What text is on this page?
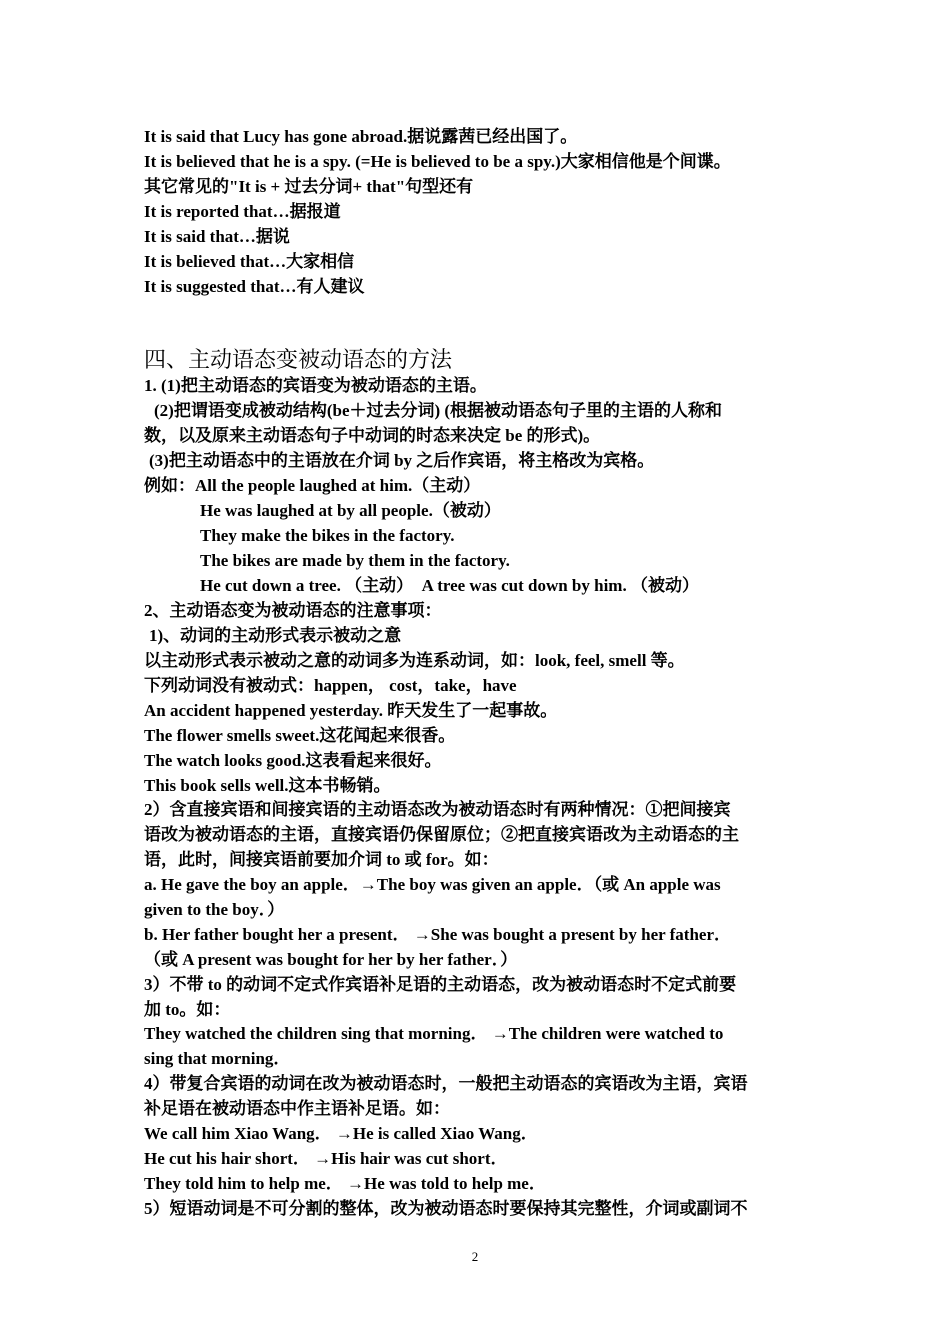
It is said that Lucy has gone abroad.据说露茜已经出国了。
It is believed that he is a spy. (=He is believed to be a spy.)大家相信他是个间谍。
其它常见的"It is + 过去分词+ that"句型还有
It is reported that…据报道
It is said that…据说
It is believed that…大家相信
It is suggested that…有人建议
四、主动语态变被动语态的方法
1. (1)把主动语态的宾语变为被动语态的主语。
(2)把谓语变成被动结构(be＋过去分词) (根据被动语态句子里的主语的人称和
数，以及原来主动语态句子中动词的时态来决定 be 的形式)。
(3)把主动语态中的主语放在介词 by 之后作宾语，将主格改为宾格。
例如：All the people laughed at him.（主动）
He was laughed at by all people.（被动）
They make the bikes in the factory.
The bikes are made by them in the factory.
He cut down a tree. （主动）　A tree was cut down by him. （被动）
2、主动语态变为被动语态的注意事项：
1)、动词的主动形式表示被动之意
以主动形式表示被动之意的动词多为连系动词，如：look, feel, smell 等。
下列动词没有被动式：happen， cost，take，have
An accident happened yesterday. 昨天发生了一起事故。
The flower smells sweet.这花闻起来很香。
The watch looks good.这表看起来很好。
This book sells well.这本书畅销。
2）含直接宾语和间接宾语的主动语态改为被动语态时有两种情况：①把间接宾
语改为被动语态的主语，直接宾语仍保留原位；②把直接宾语改为主动语态的主
语，此时，间接宾语前要加介词 to 或 for。如：
a. He gave the boy an apple．→The boy was given an apple．（或 An apple was
given to the boy．）
b. Her father bought her a present． →She was bought a present by her father．
（或 A present was bought for her by her father．）
3）不带 to 的动词不定式作宾语补足语的主动语态，改为被动语态时不定式前要
加 to。如：
They watched the children sing that morning． →The children were watched to
sing that morning．
4）带复合宾语的动词在改为被动语态时，一般把主动语态的宾语改为主语，宾语
补足语在被动语态中作主语补足语。如：
We call him Xiao Wang． →He is called Xiao Wang．
He cut his hair short． →His hair was cut short．
They told him to help me． →He was told to help me．
5）短语动词是不可分割的整体，改为被动语态时要保持其完整性，介词或副词不
2
